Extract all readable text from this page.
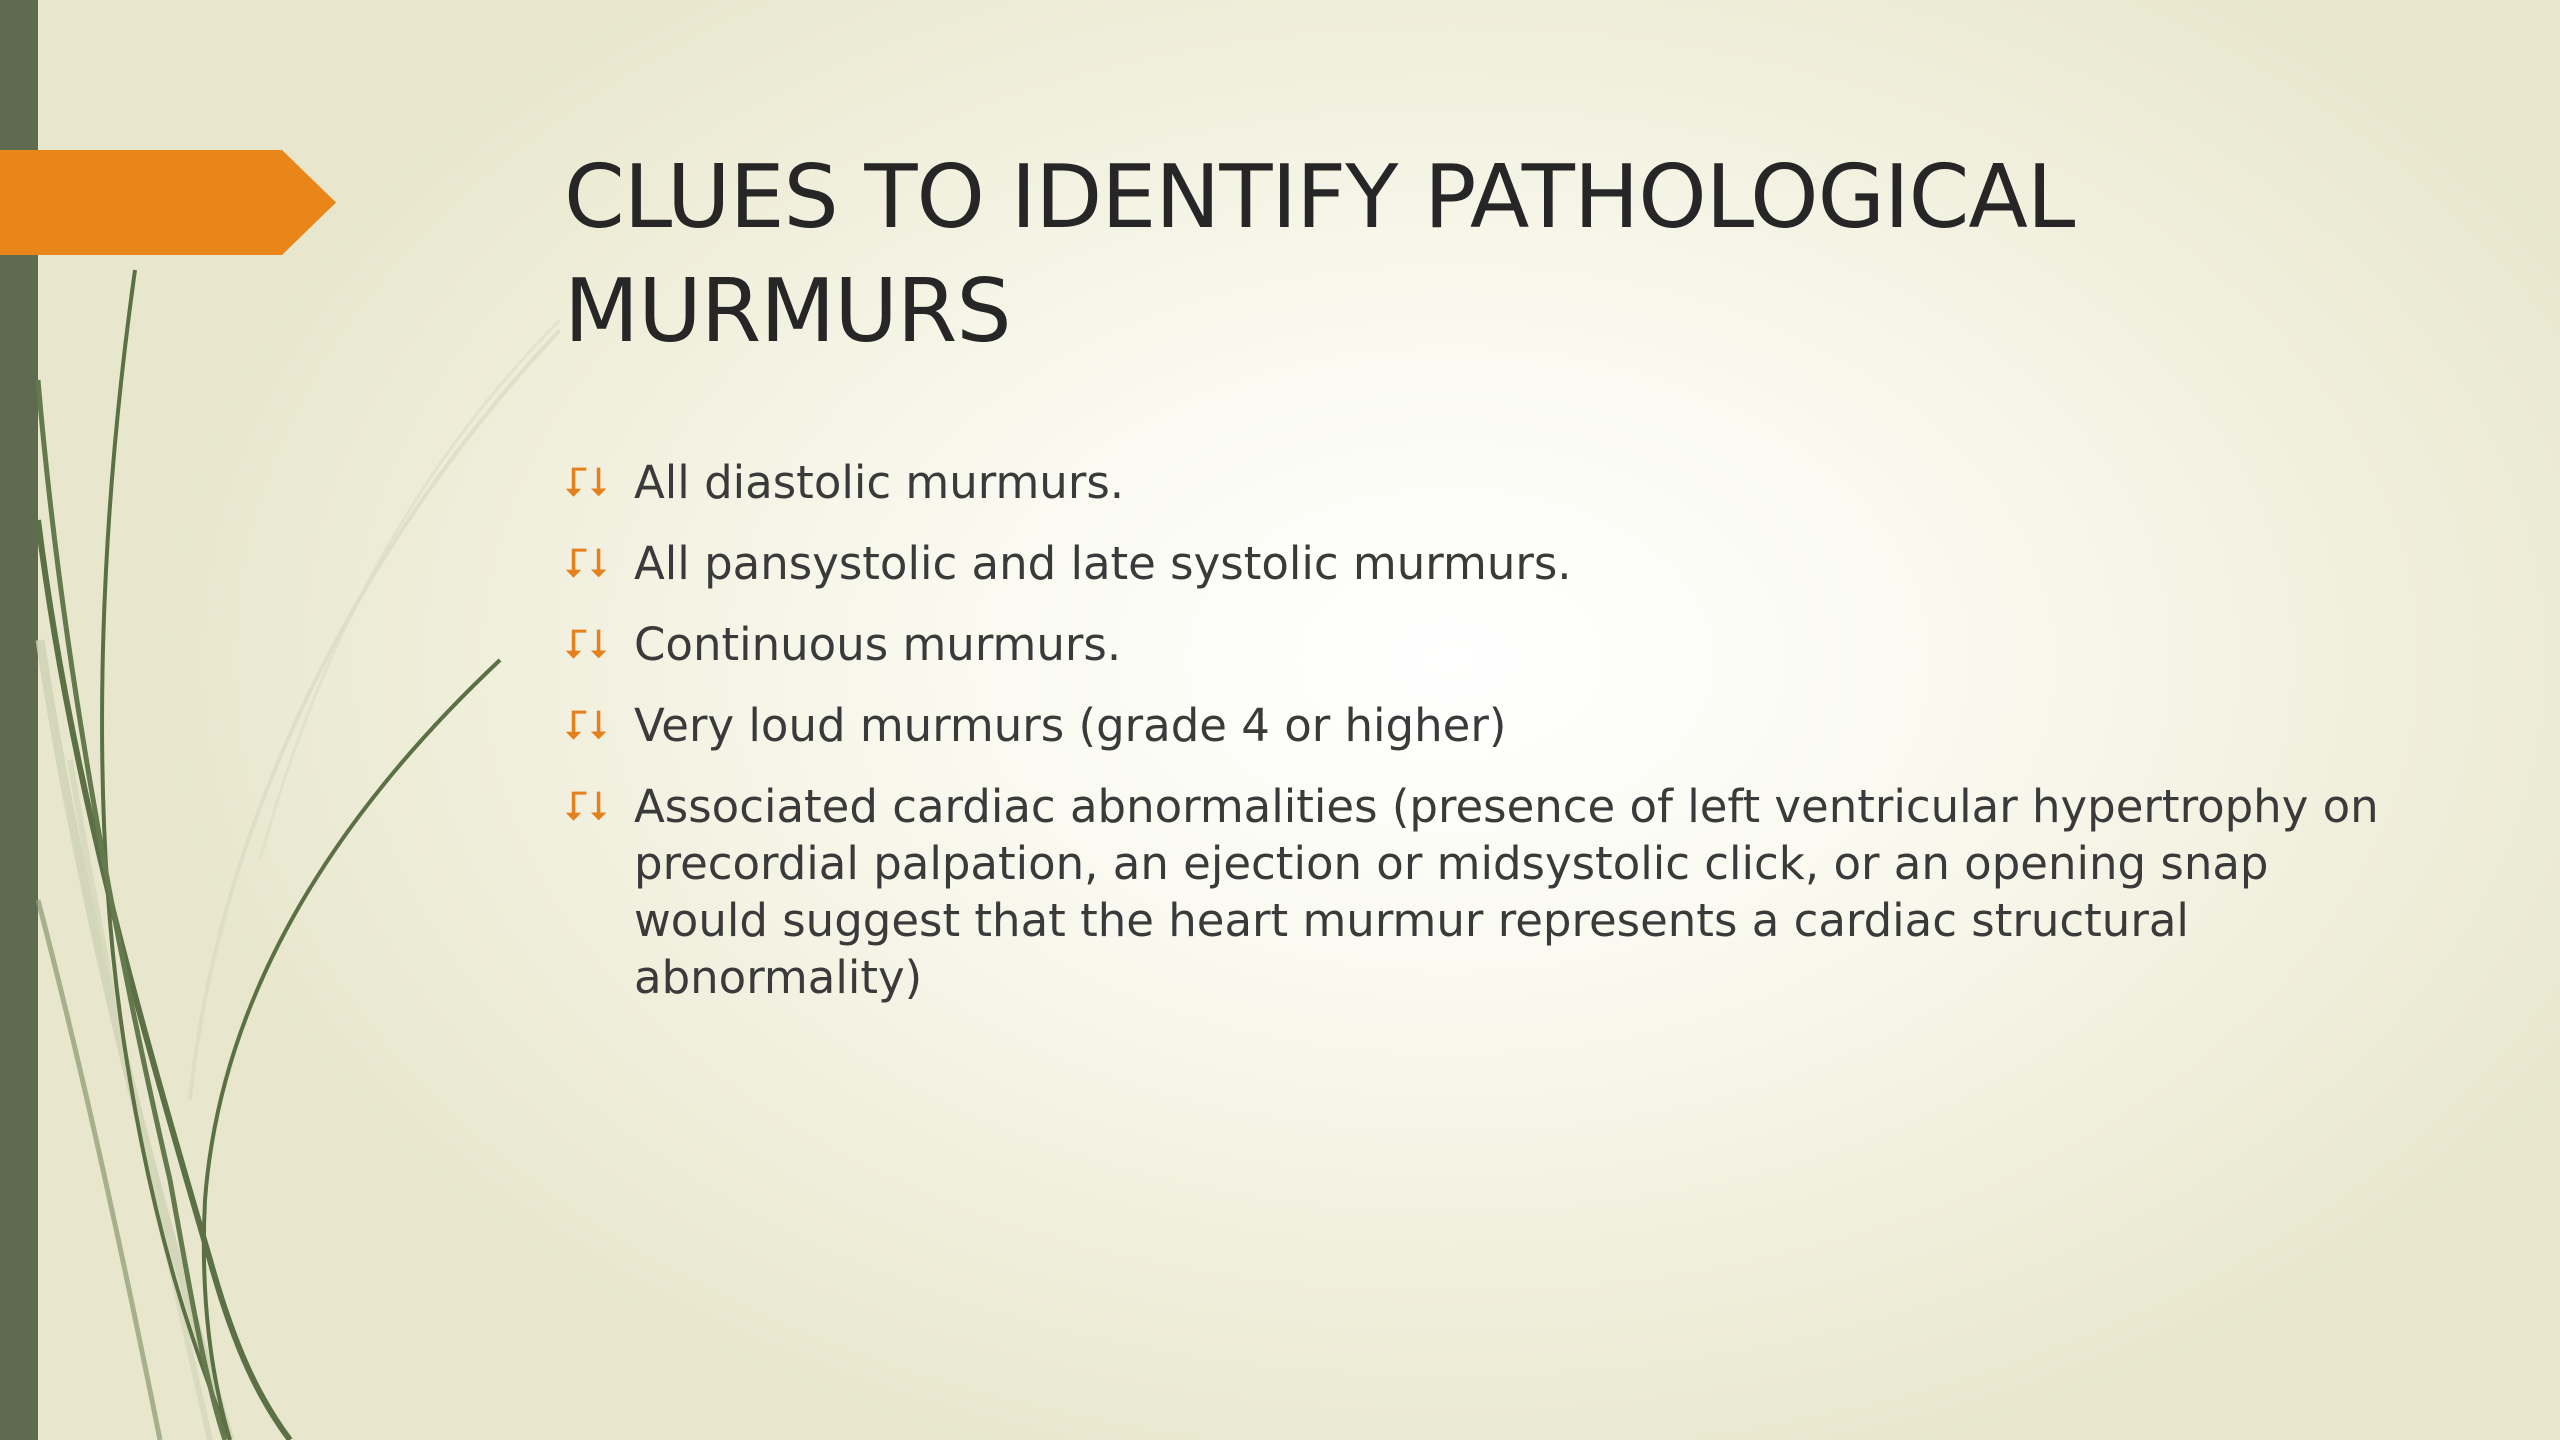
CLUES TO IDENTIFY PATHOLOGICAL MURMURS
⮦⭣ All diastolic murmurs.
⮦⭣ All pansystolic and late systolic murmurs.
⮦⭣ Continuous murmurs.
⮦⭣ Very loud murmurs (grade 4 or higher)
⮦⭣ Associated cardiac abnormalities (presence of left ventricular hypertrophy on precordial palpation, an ejection or midsystolic click, or an opening snap would suggest that the heart murmur represents a cardiac structural abnormality)
